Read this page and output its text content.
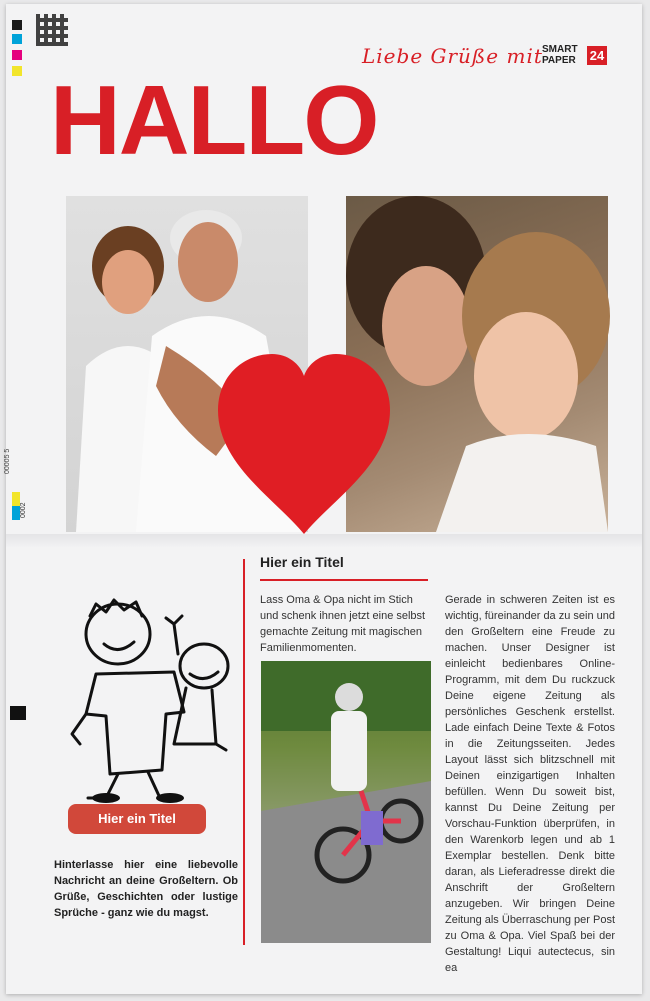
Liebe Grüße mit SMART
PAPER 24
HALLO
00005 5
0002
Hier ein Titel
Hinterlasse hier eine liebevolle Nachricht an deine Großeltern. Ob Grüße, Geschichten oder lustige Sprüche - ganz wie du magst.
Hier ein Titel
Lass Oma & Opa nicht im Stich und schenk ihnen jetzt eine selbst gemachte Zeitung mit magischen Familienmomenten.
Gerade in schweren Zeiten ist es wichtig, füreinander da zu sein und den Großeltern eine Freude zu machen. Unser Designer ist einleicht bedienbares Online-Programm, mit dem Du ruckzuck Deine eigene Zeitung als persönliches Geschenk erstellst. Lade einfach Deine Texte & Fotos in die Zeitungsseiten. Jedes Layout lässt sich blitzschnell mit Deinen einzigartigen Inhalten befüllen. Wenn Du soweit bist, kannst Du Deine Zeitung per Vorschau-Funktion überprüfen, in den Warenkorb legen und ab 1 Exemplar bestellen. Denk bitte daran, als Lieferadresse direkt die Anschrift der Großeltern anzugeben. Wir bringen Deine Zeitung als Überraschung per Post zu Oma & Opa. Viel Spaß bei der Gestaltung! Liqui autectecus, sin ea
